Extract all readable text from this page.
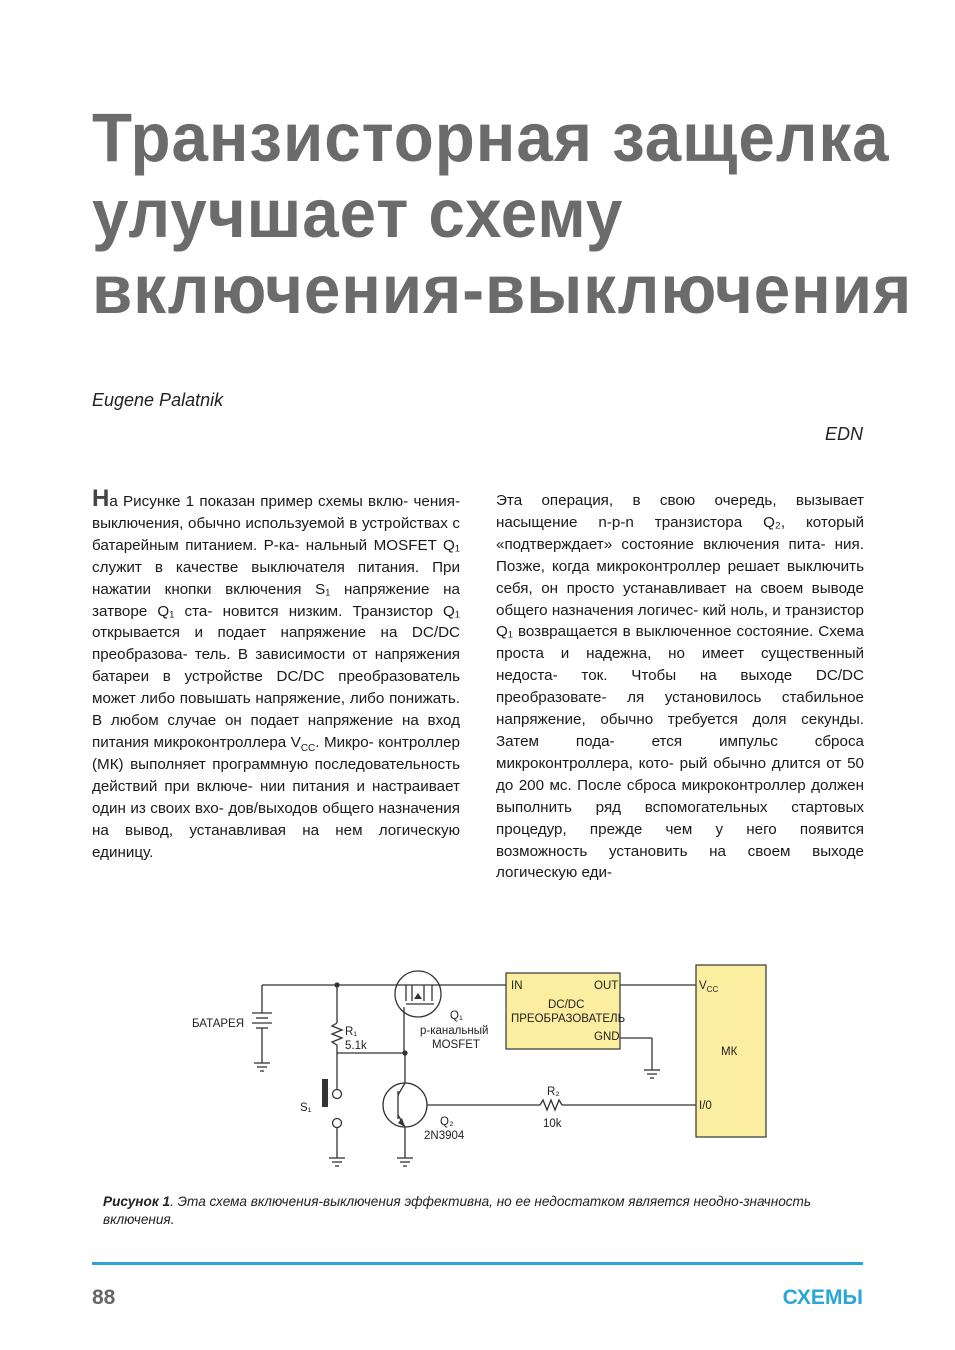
Транзисторная защелка
улучшает схему
включения-выключения
Eugene Palatnik
EDN

На Рисунке 1 показан пример схемы вклю- чения-выключения, обычно используемой в устройствах с батарейным питанием. P-ка- нальный MOSFET Q₁ служит в качестве выключателя питания. При нажатии кнопки включения S₁ напряжение на затворе Q₁ ста- новится низким. Транзистор Q₁ открывается и подает напряжение на DC/DC преобразова- тель. В зависимости от напряжения батареи в устройстве DC/DC преобразователь может либо повышать напряжение, либо понижать. В любом случае он подает напряжение на вход питания микроконтроллера $V_{CC}$. Микро- контроллер (МК) выполняет программную последовательность действий при включе- нии питания и настраивает один из своих вхо- дов/выходов общего назначения на вывод, устанавливая на нем логическую единицу.

Эта операция, в свою очередь, вызывает насыщение n-p-n транзистора Q₂, который «подтверждает» состояние включения пита- ния. Позже, когда микроконтроллер решает выключить себя, он просто устанавливает на своем выводе общего назначения логичес- кий ноль, и транзистор Q₁ возвращается в выключенное состояние. Схема проста и надежна, но имеет существенный недоста- ток. Чтобы на выходе DC/DC преобразовате- ля установилось стабильное напряжение, обычно требуется доля секунды. Затем пода- ется импульс сброса микроконтроллера, кото- рый обычно длится от 50 до 200 мс. После сброса микроконтроллер должен выполнить ряд вспомогательных стартовых процедур, прежде чем у него появится возможность установить на своем выходе логическую еди-

БАТАРЕЯ
R₁
5.1k
S₁
Q₁
p-канальный
MOSFET
Q₂
2N3904
R₂
10k
IN	OUT
DC/DC
ПРЕОБРАЗОВАТЕЛЬ
GND
$V_{CC}$
МК
I/0
Рисунок 1. Эта схема включения-выключения эффективна, но ее недостатком является неодно-значность включения.
88	СХЕМЫ
